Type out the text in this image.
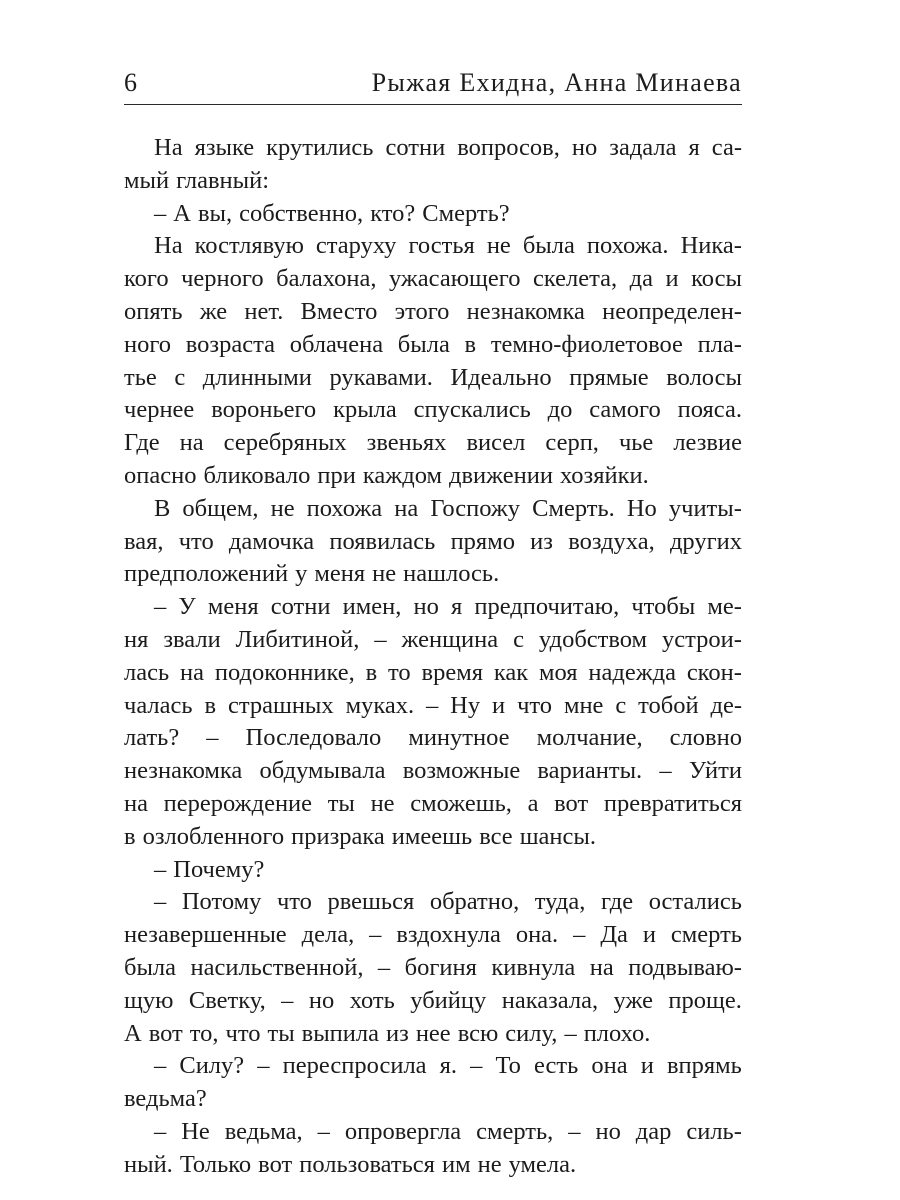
6	Рыжая Ехидна, Анна Минаева
На языке крутились сотни вопросов, но задала я са-
мый главный:
– А вы, собственно, кто? Смерть?
На костлявую старуху гостья не была похожа. Ника-
кого черного балахона, ужасающего скелета, да и косы
опять же нет. Вместо этого незнакомка неопределен-
ного возраста облачена была в темно-фиолетовое пла-
тье с длинными рукавами. Идеально прямые волосы
чернее вороньего крыла спускались до самого пояса.
Где на серебряных звеньях висел серп, чье лезвие
опасно бликовало при каждом движении хозяйки.
В общем, не похожа на Госпожу Смерть. Но учиты-
вая, что дамочка появилась прямо из воздуха, других
предположений у меня не нашлось.
– У меня сотни имен, но я предпочитаю, чтобы ме-
ня звали Либитиной, – женщина с удобством устрои-
лась на подоконнике, в то время как моя надежда скон-
чалась в страшных муках. – Ну и что мне с тобой де-
лать? – Последовало минутное молчание, словно
незнакомка обдумывала возможные варианты. – Уйти
на перерождение ты не сможешь, а вот превратиться
в озлобленного призрака имеешь все шансы.
– Почему?
– Потому что рвешься обратно, туда, где остались
незавершенные дела, – вздохнула она. – Да и смерть
была насильственной, – богиня кивнула на подвываю-
щую Светку, – но хоть убийцу наказала, уже проще.
А вот то, что ты выпила из нее всю силу, – плохо.
– Силу? – переспросила я. – То есть она и впрямь
ведьма?
– Не ведьма, – опровергла смерть, – но дар силь-
ный. Только вот пользоваться им не умела.
